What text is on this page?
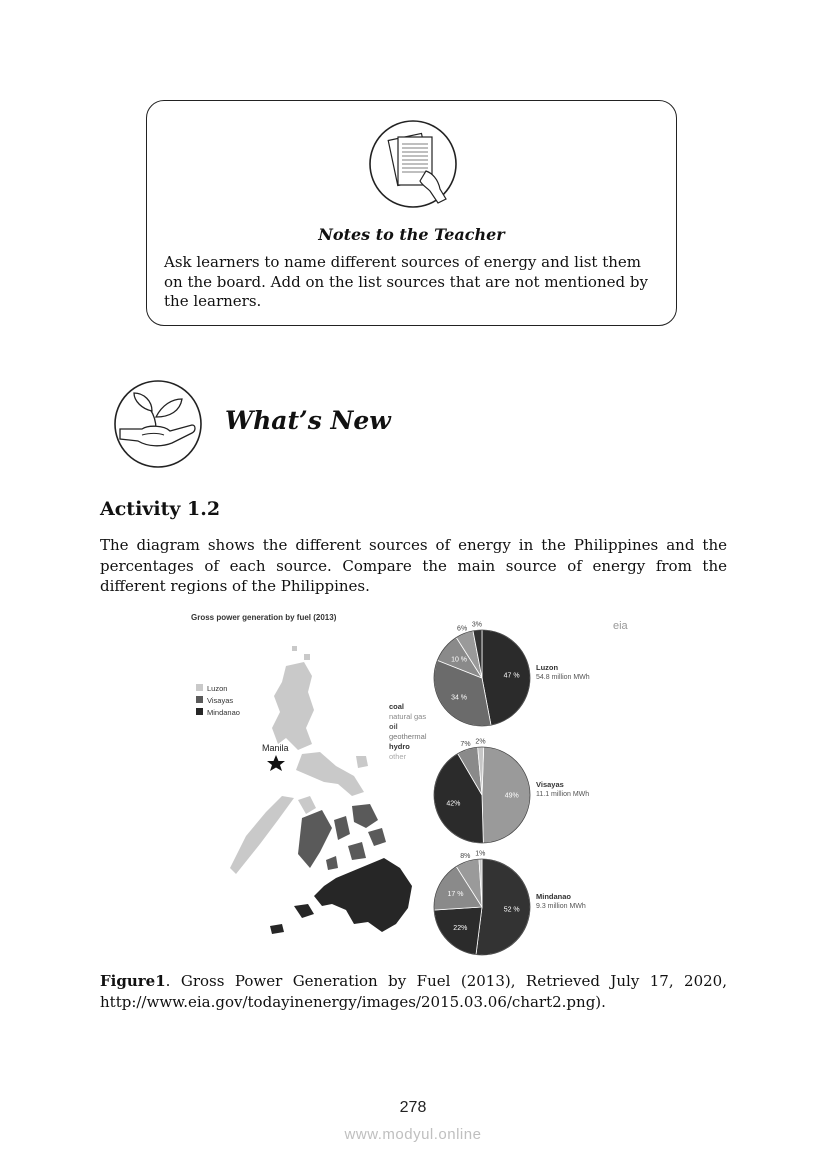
Notes to the Teacher
Ask learners to name different sources of energy and list them on the board. Add on the list sources that are not mentioned by the learners.
What’s New
Activity 1.2
The diagram shows the different sources of energy in the Philippines and the percentages of each source. Compare the main source of energy from the different regions of the Philippines.
Gross power generation by fuel (2013)
eia
Manila
Luzon
Visayas
Mindanao
coal
natural gas
oil
geothermal
hydro
other
47 %
34 %
10 %
6%
3%
Luzon
54.8 million MWh
49%
42%
7% 2%
Visayas
11.1 million MWh
52 %
22%
17 %
8% 1%
Mindanao
9.3 million MWh
Figure1. Gross Power Generation by Fuel (2013), Retrieved July 17, 2020, http://www.eia.gov/todayinenergy/images/2015.03.06/chart2.png).
278
www.modyul.online
